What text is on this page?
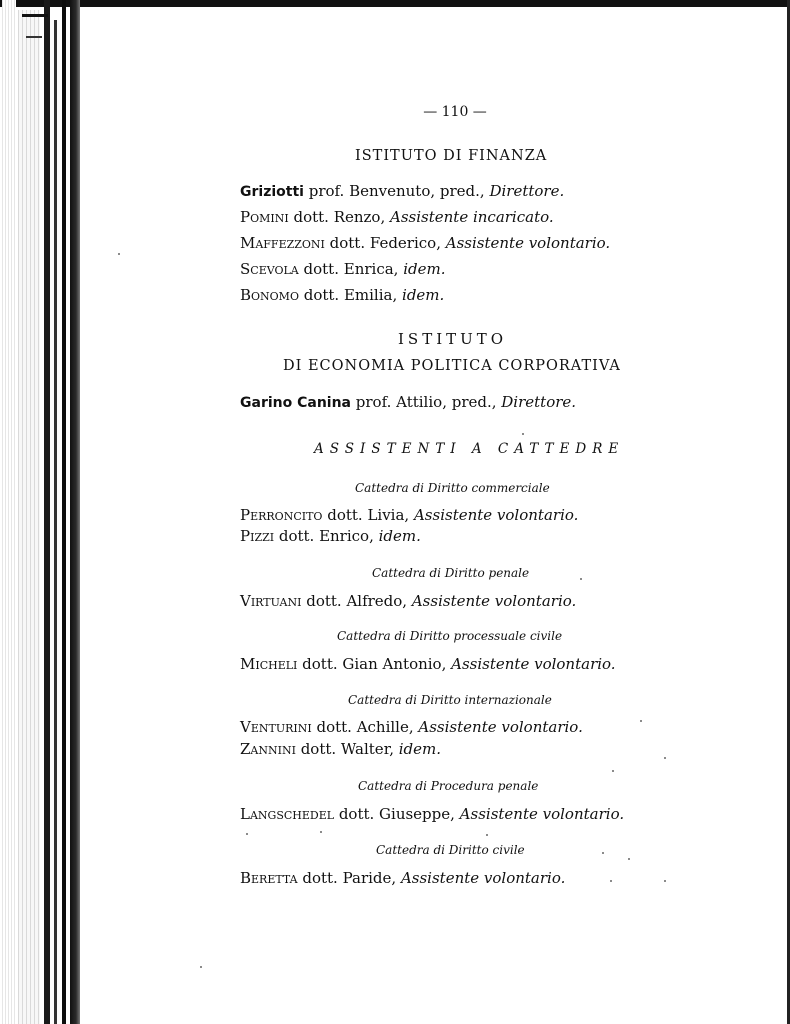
— 110 —
ISTITUTO DI FINANZA
Griziotti prof. Benvenuto, pred., Direttore.
Pomini dott. Renzo, Assistente incaricato.
Maffezzoni dott. Federico, Assistente volontario.
Scevola dott. Enrica, idem.
Bonomo dott. Emilia, idem.
ISTITUTO
DI ECONOMIA POLITICA CORPORATIVA
Garino Canina prof. Attilio, pred., Direttore.
ASSISTENTI A CATTEDRE
Cattedra di Diritto commerciale
Perroncito dott. Livia, Assistente volontario.
Pizzi dott. Enrico, idem.
Cattedra di Diritto penale
Virtuani dott. Alfredo, Assistente volontario.
Cattedra di Diritto processuale civile
Micheli dott. Gian Antonio, Assistente volontario.
Cattedra di Diritto internazionale
Venturini dott. Achille, Assistente volontario.
Zannini dott. Walter, idem.
Cattedra di Procedura penale
Langschedel dott. Giuseppe, Assistente volontario.
Cattedra di Diritto civile
Beretta dott. Paride, Assistente volontario.
